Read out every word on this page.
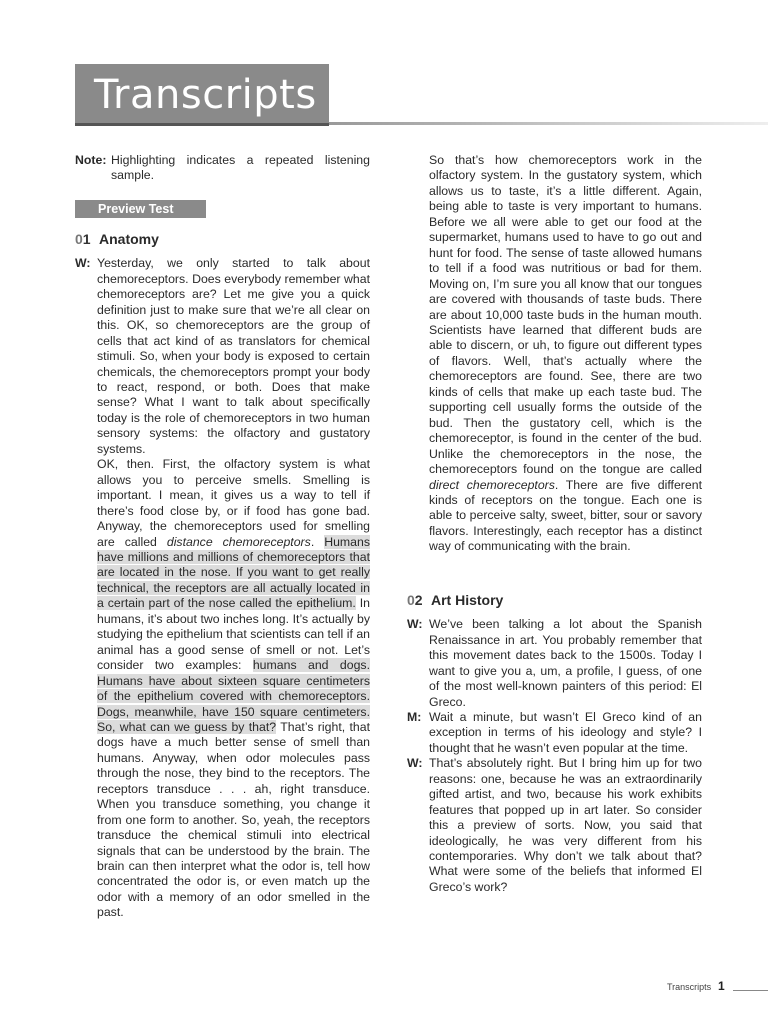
Transcripts
Note: Highlighting indicates a repeated listening sample.
Preview Test
01 Anatomy
W: Yesterday, we only started to talk about chemoreceptors. Does everybody remember what chemoreceptors are? Let me give you a quick definition just to make sure that we’re all clear on this. OK, so chemoreceptors are the group of cells that act kind of as translators for chemical stimuli. So, when your body is exposed to certain chemicals, the chemoreceptors prompt your body to react, respond, or both. Does that make sense? What I want to talk about specifically today is the role of chemoreceptors in two human sensory systems: the olfactory and gustatory systems.
OK, then. First, the olfactory system is what allows you to perceive smells. Smelling is important. I mean, it gives us a way to tell if there’s food close by, or if food has gone bad. Anyway, the chemoreceptors used for smelling are called distance chemoreceptors. Humans have millions and millions of chemoreceptors that are located in the nose. If you want to get really technical, the receptors are all actually located in a certain part of the nose called the epithelium. In humans, it’s about two inches long. It’s actually by studying the epithelium that scientists can tell if an animal has a good sense of smell or not. Let’s consider two examples: humans and dogs. Humans have about sixteen square centimeters of the epithelium covered with chemoreceptors. Dogs, meanwhile, have 150 square centimeters. So, what can we guess by that? That’s right, that dogs have a much better sense of smell than humans. Anyway, when odor molecules pass through the nose, they bind to the receptors. The receptors transduce . . . ah, right transduce. When you transduce something, you change it from one form to another. So, yeah, the receptors transduce the chemical stimuli into electrical signals that can be understood by the brain. The brain can then interpret what the odor is, tell how concentrated the odor is, or even match up the odor with a memory of an odor smelled in the past.
So that’s how chemoreceptors work in the olfactory system. In the gustatory system, which allows us to taste, it’s a little different. Again, being able to taste is very important to humans. Before we all were able to get our food at the supermarket, humans used to have to go out and hunt for food. The sense of taste allowed humans to tell if a food was nutritious or bad for them. Moving on, I’m sure you all know that our tongues are covered with thousands of taste buds. There are about 10,000 taste buds in the human mouth. Scientists have learned that different buds are able to discern, or uh, to figure out different types of flavors. Well, that’s actually where the chemoreceptors are found. See, there are two kinds of cells that make up each taste bud. The supporting cell usually forms the outside of the bud. Then the gustatory cell, which is the chemoreceptor, is found in the center of the bud. Unlike the chemoreceptors in the nose, the chemoreceptors found on the tongue are called direct chemoreceptors. There are five different kinds of receptors on the tongue. Each one is able to perceive salty, sweet, bitter, sour or savory flavors. Interestingly, each receptor has a distinct way of communicating with the brain.
02 Art History
W: We’ve been talking a lot about the Spanish Renaissance in art. You probably remember that this movement dates back to the 1500s. Today I want to give you a, um, a profile, I guess, of one of the most well-known painters of this period: El Greco.
M: Wait a minute, but wasn’t El Greco kind of an exception in terms of his ideology and style? I thought that he wasn’t even popular at the time.
W: That’s absolutely right. But I bring him up for two reasons: one, because he was an extraordinarily gifted artist, and two, because his work exhibits features that popped up in art later. So consider this a preview of sorts. Now, you said that ideologically, he was very different from his contemporaries. Why don’t we talk about that? What were some of the beliefs that informed El Greco’s work?
Transcripts 1
